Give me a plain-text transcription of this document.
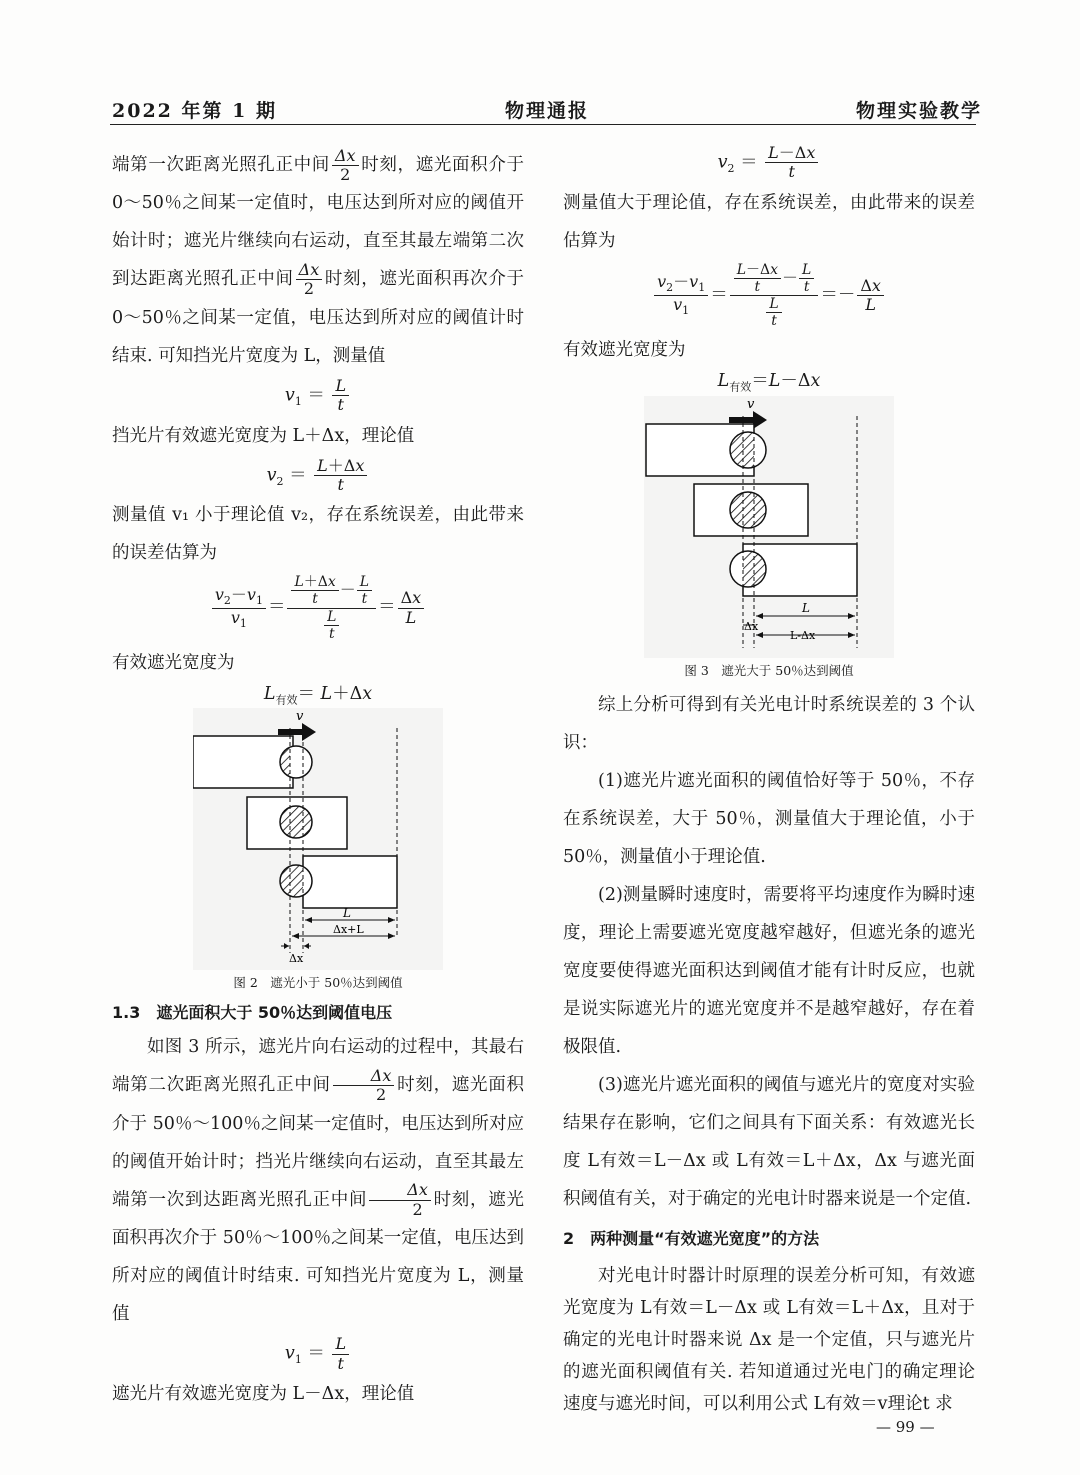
2022 年第 1 期	物理通报	物理实验教学

端第一次距离光照孔正中间 $\frac{\Delta x}{2}$ 时刻，遮光面积介于 0～50％之间某一定值时，电压达到所对应的阈值开始计时；遮光片继续向右运动，直至其最左端第二次到达距离光照孔正中间 $\frac{\Delta x}{2}$ 时刻，遮光面积再次介于 0～50％之间某一定值，电压达到所对应的阈值计时结束. 可知挡光片宽度为 L，测量值

$v_1 = \frac{L}{t}$

挡光片有效遮光宽度为 L＋Δx，理论值

$v_2 = \frac{L+\Delta x}{t}$

测量值 v₁ 小于理论值 v₂，存在系统误差，由此带来的误差估算为

$\frac{v_2-v_1}{v_1} = \frac{\frac{L+\Delta x}{t} - \frac{L}{t}}{\frac{L}{t}} = \frac{\Delta x}{L}$

有效遮光宽度为

$L_{有效}= L+\Delta x$
v
L
Δx+L
Δx
图 2　遮光小于 50％达到阈值
1.3　遮光面积大于 50％达到阈值电压

如图 3 所示，遮光片向右运动的过程中，其最右端第二次距离光照孔正中间 $\frac{\Delta x}{2}$ 时刻，遮光面积介于 50％～100％之间某一定值时，电压达到所对应的阈值开始计时；挡光片继续向右运动，直至其最左端第一次到达距离光照孔正中间 $\frac{\Delta x}{2}$ 时刻，遮光面积再次介于 50％～100％之间某一定值，电压达到所对应的阈值计时结束. 可知挡光片宽度为 L，测量值

$v_1 = \frac{L}{t}$

遮光片有效遮光宽度为 L－Δx，理论值

$v_2 = \frac{L-\Delta x}{t}$

测量值大于理论值，存在系统误差，由此带来的误差估算为

$\frac{v_2-v_1}{v_1} = \frac{\frac{L-\Delta x}{t} - \frac{L}{t}}{\frac{L}{t}} =- \frac{\Delta x}{L}$

有效遮光宽度为

$L_{有效}=L-\Delta x$
v
L
Δx
L-Δx
图 3　遮光大于 50％达到阈值

综上分析可得到有关光电计时系统误差的 3 个认识：

(1)遮光片遮光面积的阈值恰好等于 50％，不存在系统误差，大于 50％，测量值大于理论值，小于 50％，测量值小于理论值.

(2)测量瞬时速度时，需要将平均速度作为瞬时速度，理论上需要遮光宽度越窄越好，但遮光条的遮光宽度要使得遮光面积达到阈值才能有计时反应，也就是说实际遮光片的遮光宽度并不是越窄越好，存在着极限值.

(3)遮光片遮光面积的阈值与遮光片的宽度对实验结果存在影响，它们之间具有下面关系：有效遮光长度 L有效＝L－Δx 或 L有效＝L＋Δx，Δx 与遮光面积阈值有关，对于确定的光电计时器来说是一个定值.

2　两种测量“有效遮光宽度”的方法

对光电计时器计时原理的误差分析可知，有效遮光宽度为 L有效＝L－Δx 或 L有效＝L＋Δx，且对于确定的光电计时器来说 Δx 是一个定值，只与遮光片的遮光面积阈值有关. 若知道通过光电门的确定理论速度与遮光时间，可以利用公式 L有效＝v理论t 求

— 99 —
